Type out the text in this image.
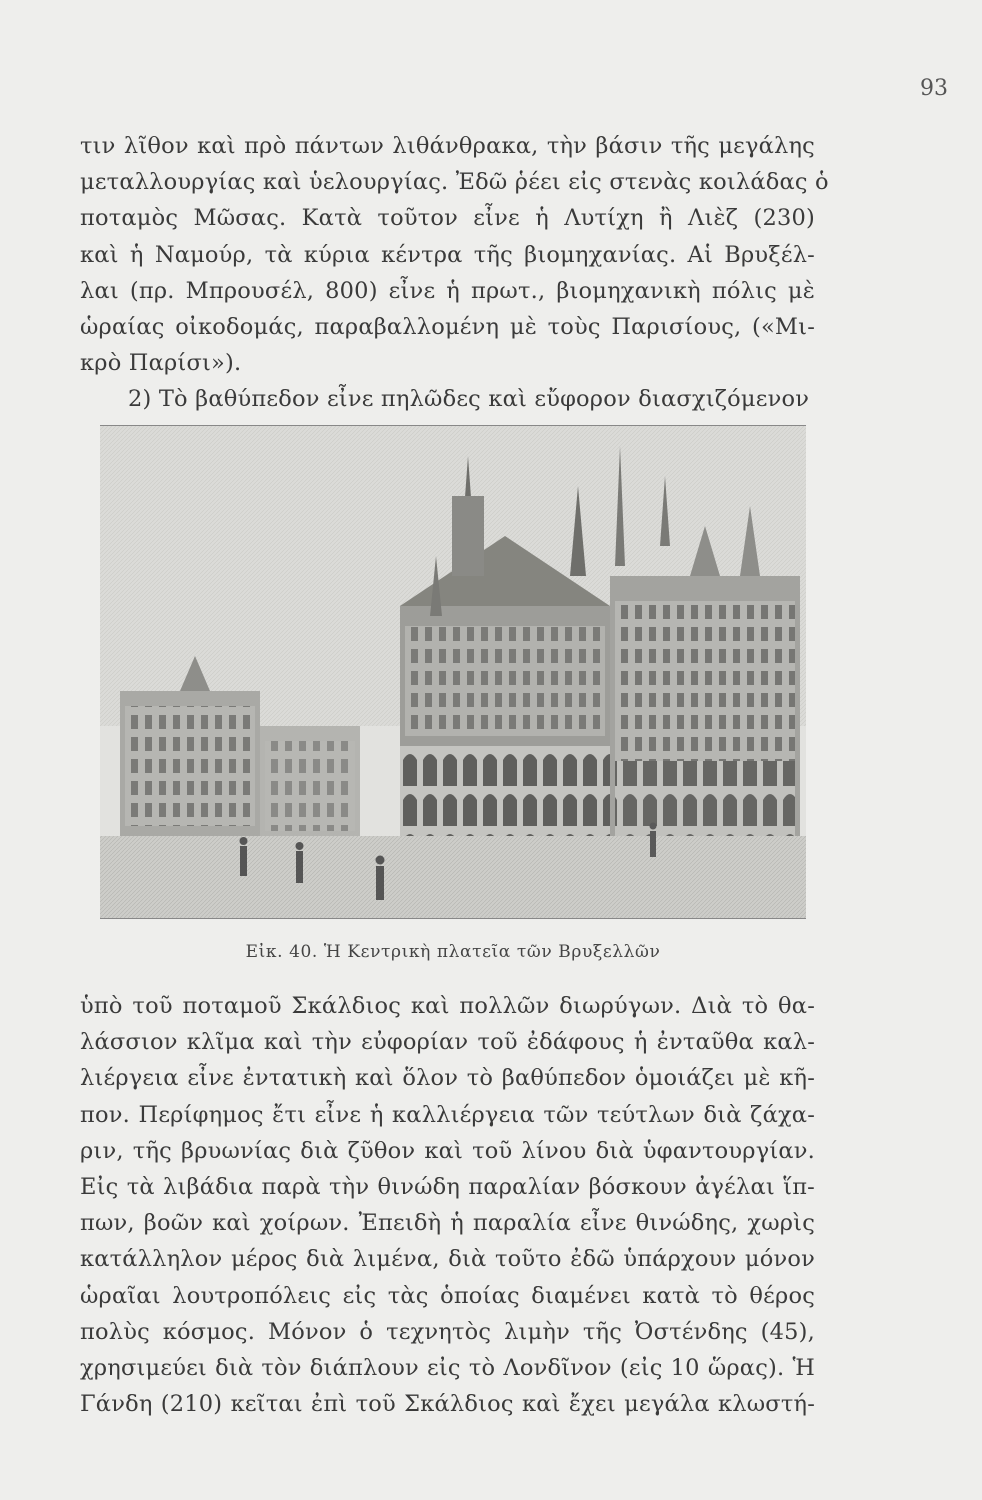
93
τιν λῖθον καὶ πρὸ πάντων λιθάνθρακα, τὴν βάσιν τῆς μεγάλης
μεταλλουργίας καὶ ὑελουργίας. Ἐδῶ ῥέει εἰς στενὰς κοιλάδας ὁ
ποταμὸς Μῶσας. Κατὰ τοῦτον εἶνε ἡ Λυτίχη ἢ Λιὲζ (230)
καὶ ἡ Ναμούρ, τὰ κύρια κέντρα τῆς βιομηχανίας. Αἱ Βρυξέλ-
λαι (πρ. Μπρουσέλ, 800) εἶνε ἡ πρωτ., βιομηχανικὴ πόλις μὲ
ὡραίας οἰκοδομάς, παραβαλλομένη μὲ τοὺς Παρισίους, («Μι-
κρὸ Παρίσι»).
2) Τὸ βαθύπεδον εἶνε πηλῶδες καὶ εὔφορον διασχιζόμενον
Εἰκ. 40. Ἡ Κεντρικὴ πλατεῖα τῶν Βρυξελλῶν
ὑπὸ τοῦ ποταμοῦ Σκάλδιος καὶ πολλῶν διωρύγων. Διὰ τὸ θα-
λάσσιον κλῖμα καὶ τὴν εὐφορίαν τοῦ ἐδάφους ἡ ἐνταῦθα καλ-
λιέργεια εἶνε ἐντατικὴ καὶ ὅλον τὸ βαθύπεδον ὁμοιάζει μὲ κῆ-
πον. Περίφημος ἔτι εἶνε ἡ καλλιέργεια τῶν τεύτλων διὰ ζάχα-
ριν, τῆς βρυωνίας διὰ ζῦθον καὶ τοῦ λίνου διὰ ὑφαντουργίαν.
Εἰς τὰ λιβάδια παρὰ τὴν θινώδη παραλίαν βόσκουν ἀγέλαι ἵπ-
πων, βοῶν καὶ χοίρων. Ἐπειδὴ ἡ παραλία εἶνε θινώδης, χωρὶς
κατάλληλον μέρος διὰ λιμένα, διὰ τοῦτο ἐδῶ ὑπάρχουν μόνον
ὡραῖαι λουτροπόλεις εἰς τὰς ὁποίας διαμένει κατὰ τὸ θέρος
πολὺς κόσμος. Μόνον ὁ τεχνητὸς λιμὴν τῆς Ὀστένδης (45),
χρησιμεύει διὰ τὸν διάπλουν εἰς τὸ Λονδῖνον (εἰς 10 ὥρας). Ἡ
Γάνδη (210) κεῖται ἐπὶ τοῦ Σκάλδιος καὶ ἔχει μεγάλα κλωστή-
